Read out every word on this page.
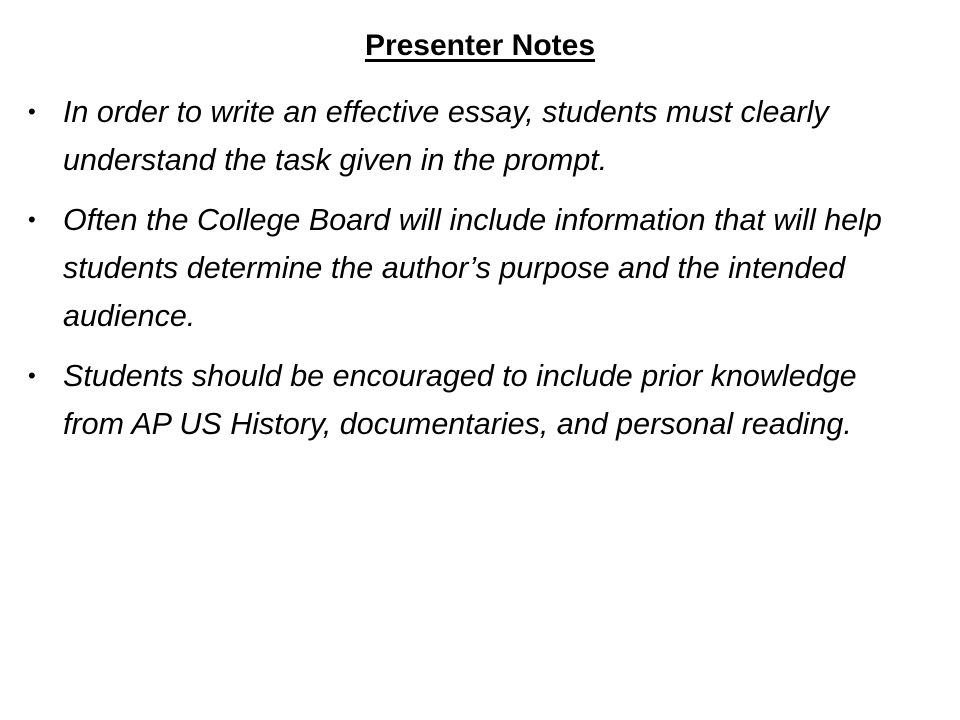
Presenter Notes
• In order to write an effective essay, students must clearly understand the task given in the prompt.
• Often the College Board will include information that will help students determine the author’s purpose and the intended audience.
• Students should be encouraged to include prior knowledge from AP US History, documentaries, and personal reading.
